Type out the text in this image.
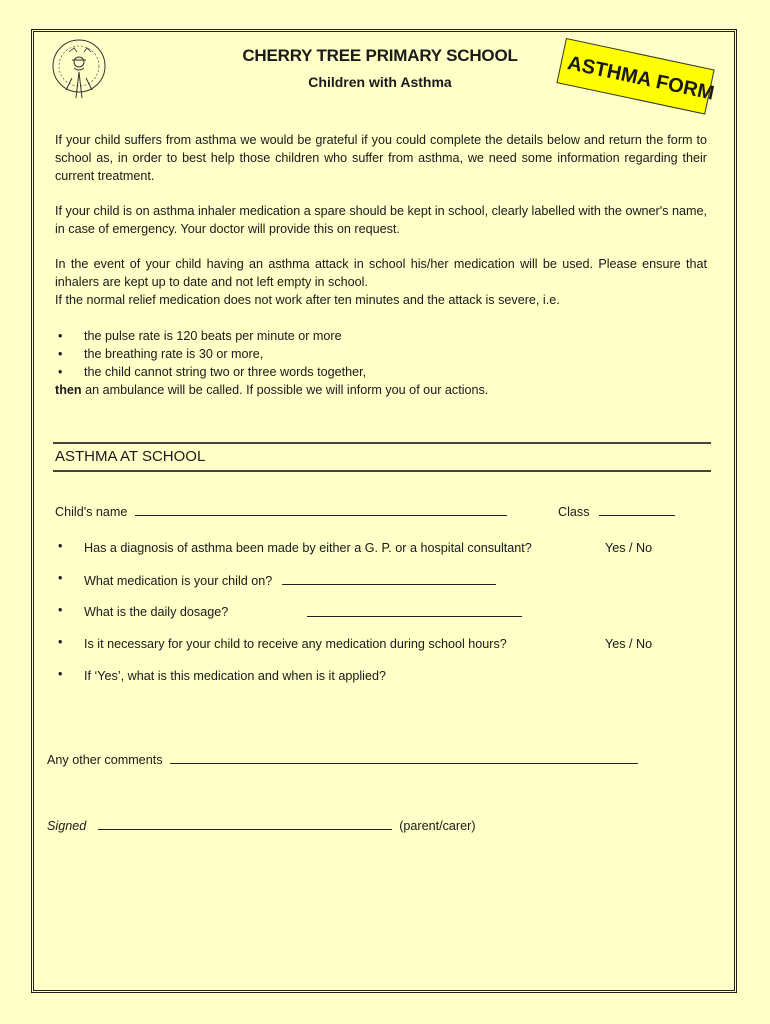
CHERRY TREE PRIMARY SCHOOL
Children with Asthma	ASTHMA FORM

If your child suffers from asthma we would be grateful if you could complete the details below and return the form to school as, in order to best help those children who suffer from asthma, we need some information regarding their current treatment.

If your child is on asthma inhaler medication a spare should be kept in school, clearly labelled with the owner's name, in case of emergency. Your doctor will provide this on request.

In the event of your child having an asthma attack in school his/her medication will be used. Please ensure that inhalers are kept up to date and not left empty in school.

If the normal relief medication does not work after ten minutes and the attack is severe, i.e.

• the pulse rate is 120 beats per minute or more
• the breathing rate is 30 or more,
• the child cannot string two or three words together,
then an ambulance will be called. If possible we will inform you of our actions.
ASTHMA AT SCHOOL
Child's name	Class
• Has a diagnosis of asthma been made by either a G. P. or a hospital consultant?	Yes / No
• What medication is your child on?
• What is the daily dosage?
• Is it necessary for your child to receive any medication during school hours?	Yes / No
• If ‘Yes’, what is this medication and when is it applied?
Any other comments
Signed	(parent/carer)
